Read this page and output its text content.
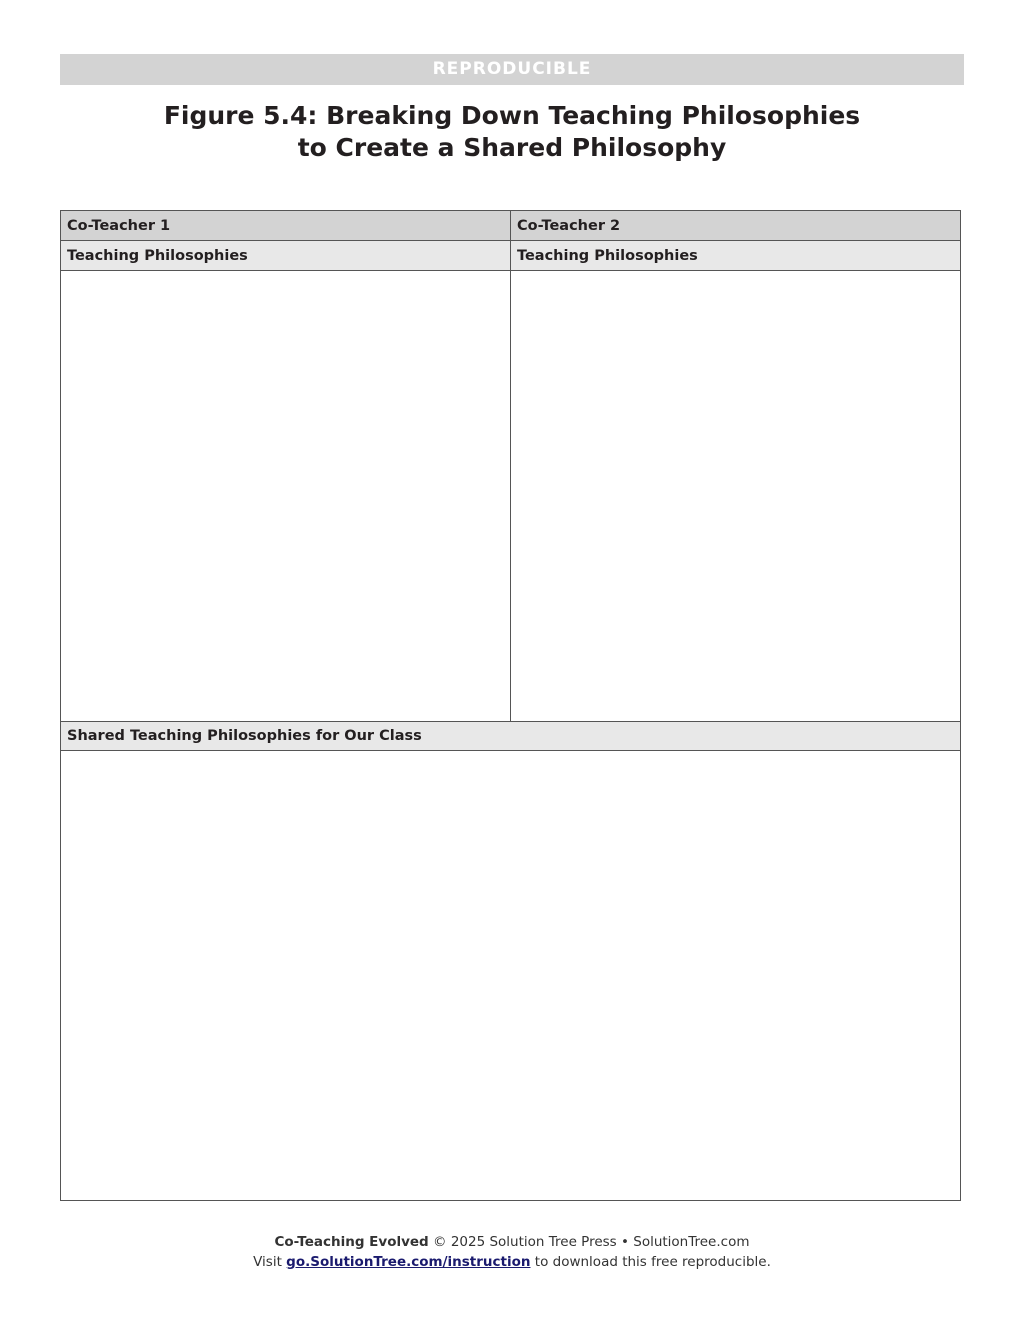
REPRODUCIBLE
Figure 5.4: Breaking Down Teaching Philosophies
to Create a Shared Philosophy
Co-Teacher 1	Co-Teacher 2
Teaching Philosophies	Teaching Philosophies
Shared Teaching Philosophies for Our Class
Co-Teaching Evolved © 2025 Solution Tree Press • SolutionTree.com
Visit go.SolutionTree.com/instruction to download this free reproducible.
